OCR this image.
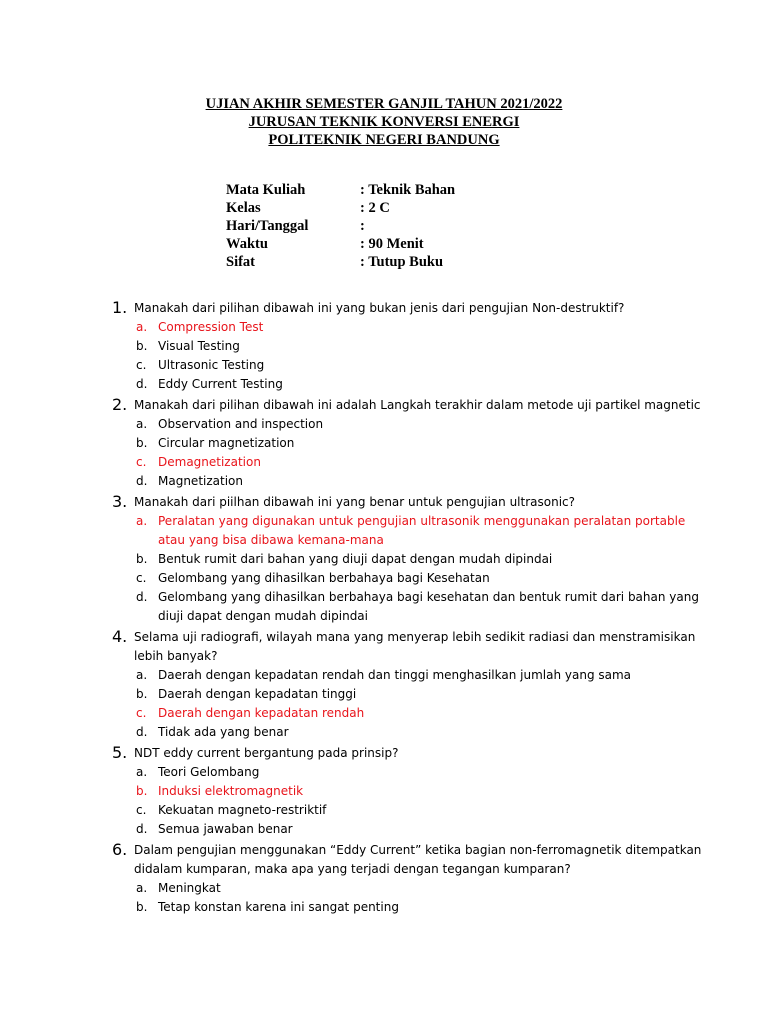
UJIAN AKHIR SEMESTER GANJIL TAHUN 2021/2022
JURUSAN TEKNIK KONVERSI ENERGI
POLITEKNIK NEGERI BANDUNG
Mata Kuliah	: Teknik Bahan
Kelas	: 2 C
Hari/Tanggal	:
Waktu	: 90 Menit
Sifat	: Tutup Buku
1. Manakah dari pilihan dibawah ini yang bukan jenis dari pengujian Non-destruktif?
a. Compression Test
b. Visual Testing
c. Ultrasonic Testing
d. Eddy Current Testing
2. Manakah dari pilihan dibawah ini adalah Langkah terakhir dalam metode uji partikel magnetic
a. Observation and inspection
b. Circular magnetization
c. Demagnetization
d. Magnetization
3. Manakah dari piilhan dibawah ini yang benar untuk pengujian ultrasonic?
a. Peralatan yang digunakan untuk pengujian ultrasonik menggunakan peralatan portable atau yang bisa dibawa kemana-mana
b. Bentuk rumit dari bahan yang diuji dapat dengan mudah dipindai
c. Gelombang yang dihasilkan berbahaya bagi Kesehatan
d. Gelombang yang dihasilkan berbahaya bagi kesehatan dan bentuk rumit dari bahan yang diuji dapat dengan mudah dipindai
4. Selama uji radiografi, wilayah mana yang menyerap lebih sedikit radiasi dan menstramisikan lebih banyak?
a. Daerah dengan kepadatan rendah dan tinggi menghasilkan jumlah yang sama
b. Daerah dengan kepadatan tinggi
c. Daerah dengan kepadatan rendah
d. Tidak ada yang benar
5. NDT eddy current bergantung pada prinsip?
a. Teori Gelombang
b. Induksi elektromagnetik
c. Kekuatan magneto-restriktif
d. Semua jawaban benar
6. Dalam pengujian menggunakan “Eddy Current” ketika bagian non-ferromagnetik ditempatkan didalam kumparan, maka apa yang terjadi dengan tegangan kumparan?
a. Meningkat
b. Tetap konstan karena ini sangat penting
